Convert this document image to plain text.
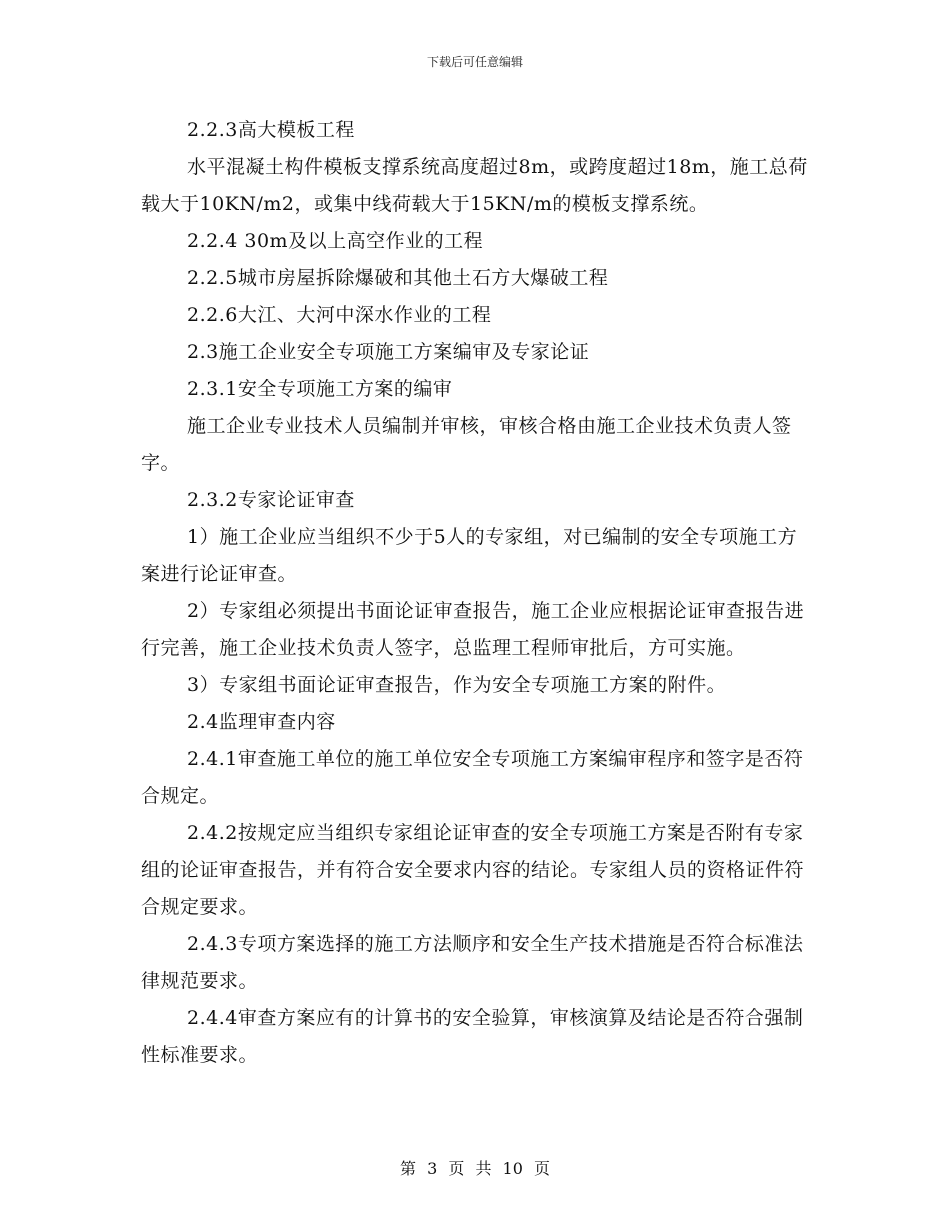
下载后可任意编辑

2.2.3高大模板工程

水平混凝土构件模板支撑系统高度超过8m，或跨度超过18m，施工总荷载大于10KN/m2，或集中线荷载大于15KN/m的模板支撑系统。

2.2.4 30m及以上高空作业的工程

2.2.5城市房屋拆除爆破和其他土石方大爆破工程

2.2.6大江、大河中深水作业的工程

2.3施工企业安全专项施工方案编审及专家论证

2.3.1安全专项施工方案的编审

施工企业专业技术人员编制并审核，审核合格由施工企业技术负责人签字。

2.3.2专家论证审查

1）施工企业应当组织不少于5人的专家组，对已编制的安全专项施工方案进行论证审查。

2）专家组必须提出书面论证审查报告，施工企业应根据论证审查报告进行完善，施工企业技术负责人签字，总监理工程师审批后，方可实施。

3）专家组书面论证审查报告，作为安全专项施工方案的附件。

2.4监理审查内容

2.4.1审查施工单位的施工单位安全专项施工方案编审程序和签字是否符合规定。

2.4.2按规定应当组织专家组论证审查的安全专项施工方案是否附有专家组的论证审查报告，并有符合安全要求内容的结论。专家组人员的资格证件符合规定要求。

2.4.3专项方案选择的施工方法顺序和安全生产技术措施是否符合标准法律规范要求。

2.4.4审查方案应有的计算书的安全验算，审核演算及结论是否符合强制性标准要求。

第 3 页 共 10 页
